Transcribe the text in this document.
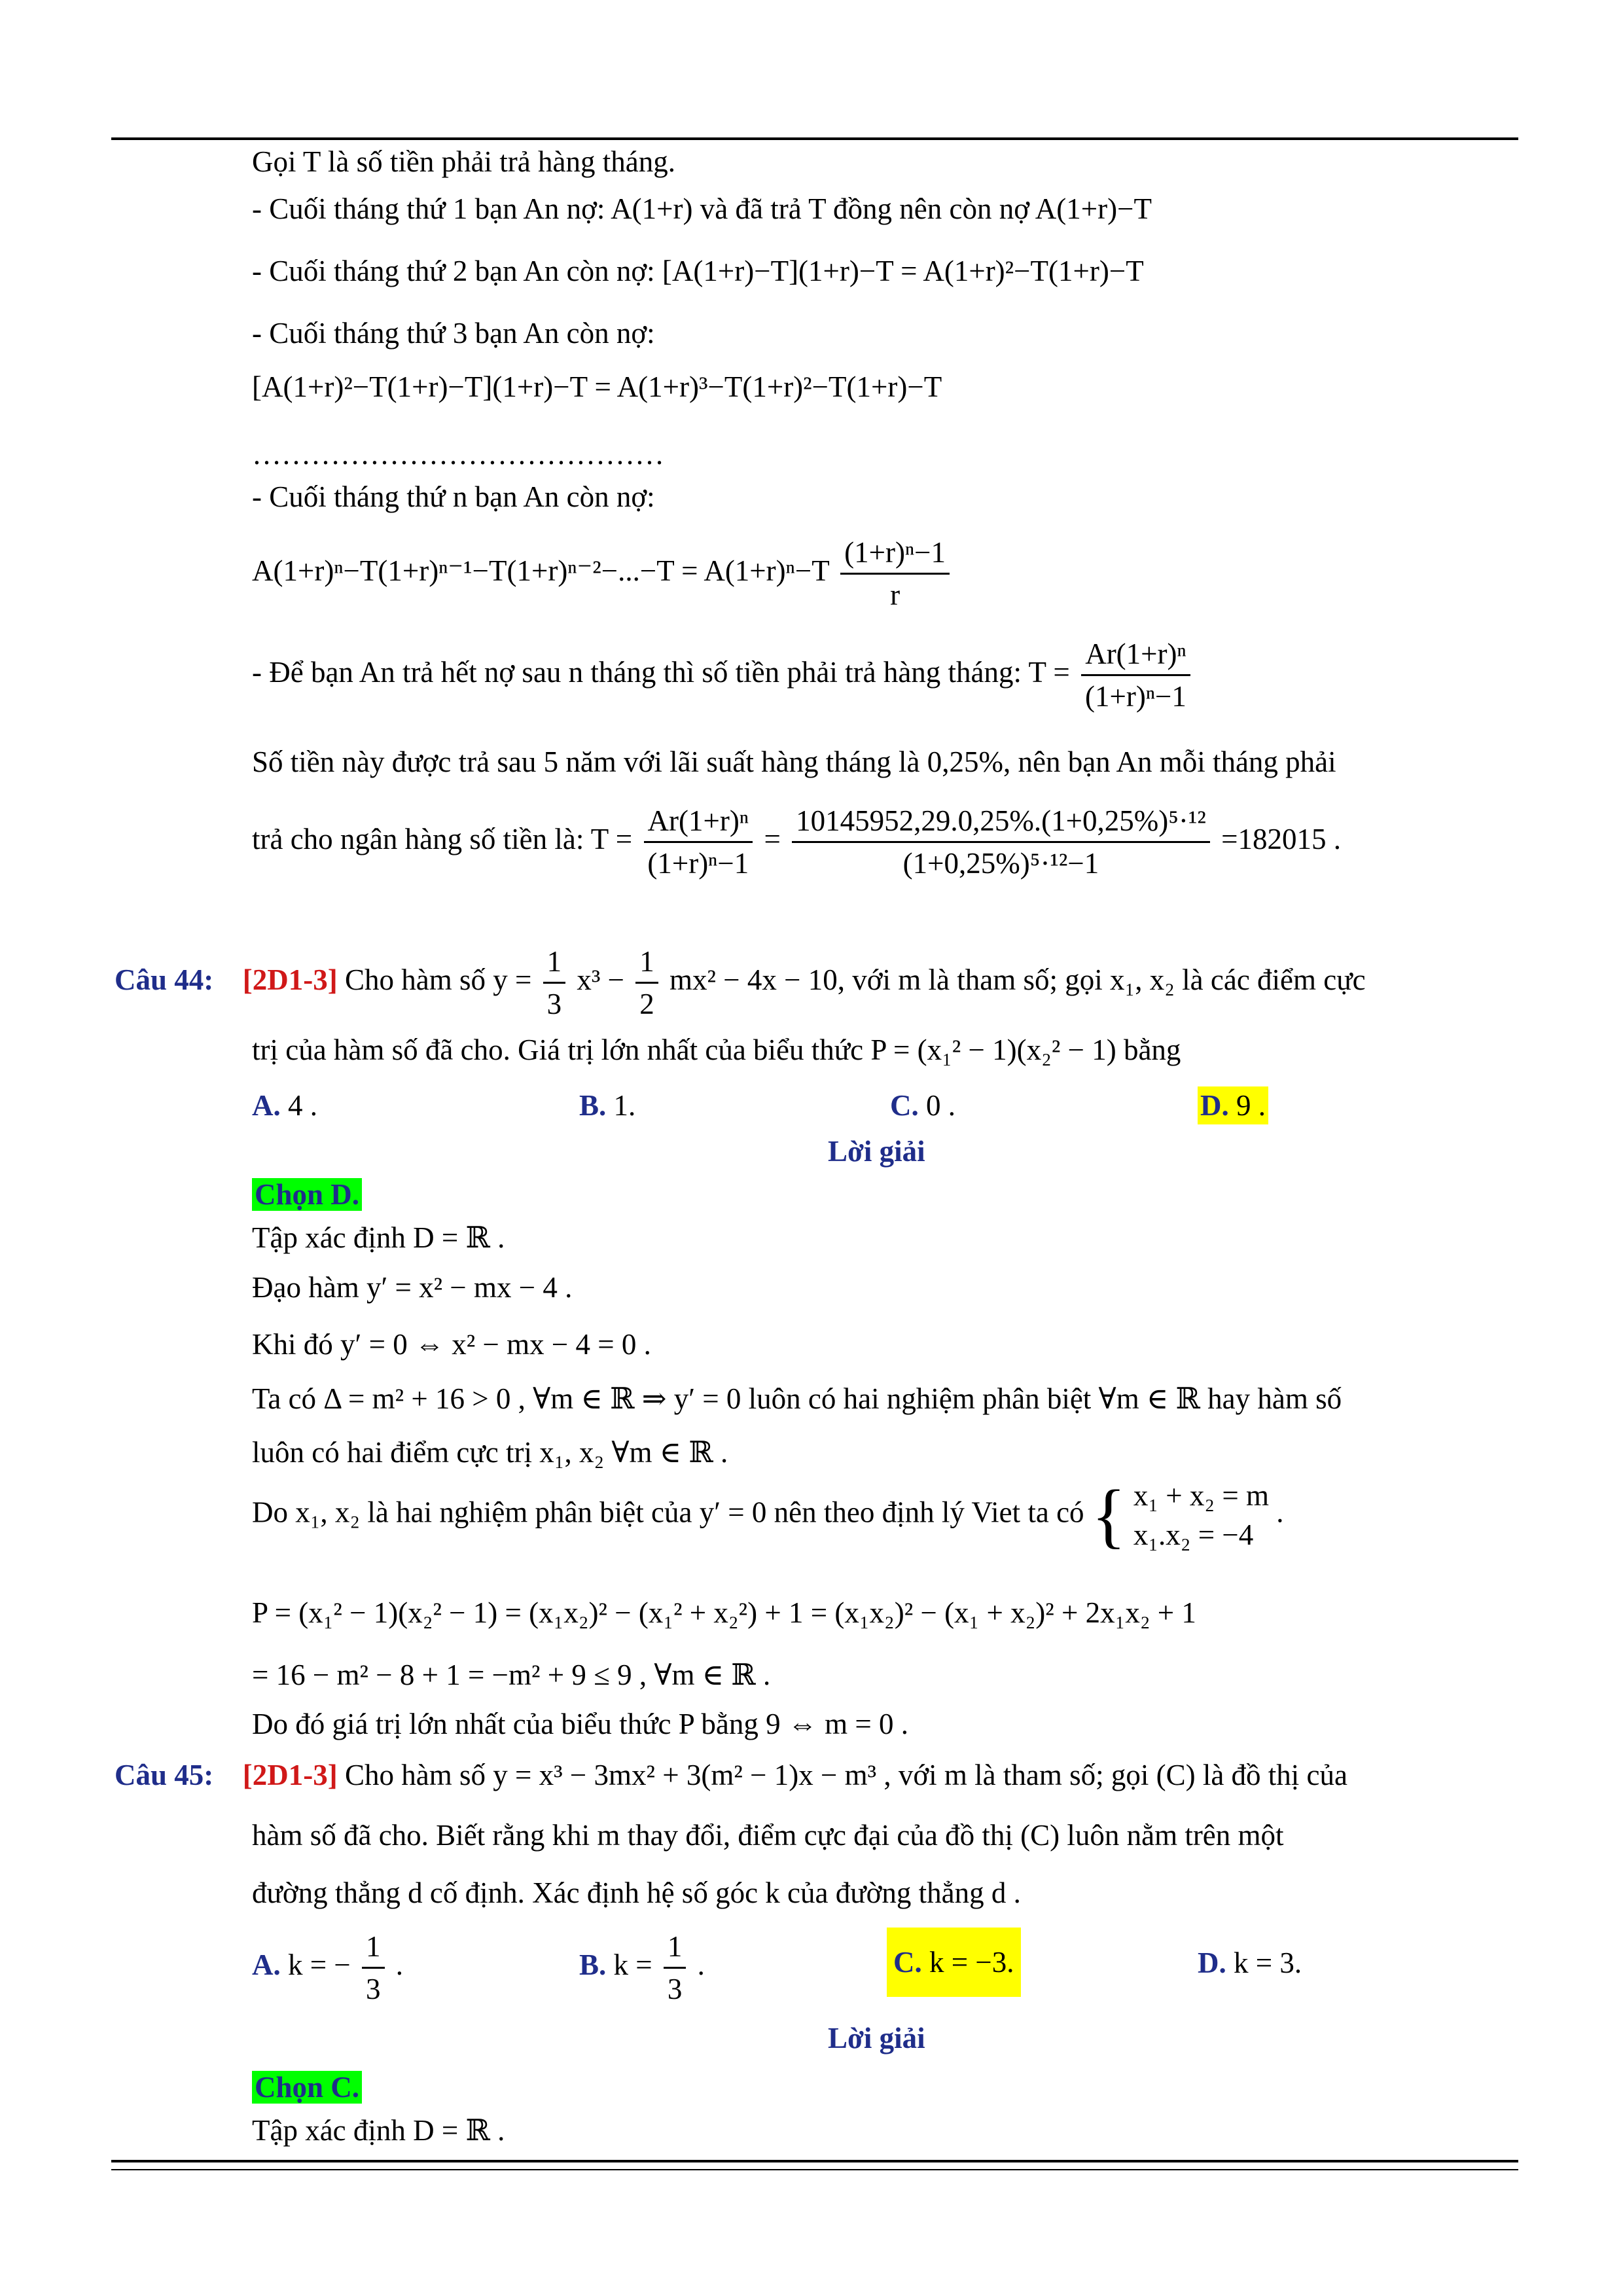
Gọi T là số tiền phải trả hàng tháng.
- Cuối tháng thứ 1 bạn An nợ: A(1+r) và đã trả T đồng nên còn nợ A(1+r)−T
- Cuối tháng thứ 2 bạn An còn nợ: [A(1+r)−T](1+r)−T = A(1+r)²−T(1+r)−T
- Cuối tháng thứ 3 bạn An còn nợ:
[A(1+r)²−T(1+r)−T](1+r)−T = A(1+r)³−T(1+r)²−T(1+r)−T
……………………………………
- Cuối tháng thứ n bạn An còn nợ:
$A(1+r)^n-T(1+r)^{n-1}-T(1+r)^{n-2}-...-T = A(1+r)^n-T \frac{\text{(1+r)ⁿ−1}}{r}$
- Để bạn An trả hết nợ sau n tháng thì số tiền phải trả hàng tháng: $T = \frac{\text{Ar(1+r)ⁿ}}{\text{(1+r)ⁿ−1}}$
Số tiền này được trả sau 5 năm với lãi suất hàng tháng là 0,25%, nên bạn An mỗi tháng phải
trả cho ngân hàng số tiền là: $T = \frac{\text{Ar(1+r)ⁿ}}{\text{(1+r)ⁿ−1}} = \frac{\text{10145952,29.0,25\%.(1+0,25\%)⁵·¹²}}{\text{(1+0,25\%)⁵·¹²−1}} =182015$ .
Câu 44: [2D1-3] Cho hàm số $y = \frac{1}{3} x^3 - \frac{1}{2} mx^2 - 4x - 10$, với m là tham số; gọi x₁, x₂ là các điểm cực
trị của hàm số đã cho. Giá trị lớn nhất của biểu thức P = (x₁² − 1)(x₂² − 1) bằng
A. 4 .	B. 1.	C. 0 .	D. 9 .
Lời giải
Chọn D.
Tập xác định D = ℝ .
Đạo hàm y′ = x² − mx − 4 .
Khi đó y′ = 0 ⇔ x² − mx − 4 = 0 .
Ta có Δ = m² + 16 > 0 , ∀m ∈ ℝ ⇒ y′ = 0 luôn có hai nghiệm phân biệt ∀m ∈ ℝ hay hàm số
luôn có hai điểm cực trị x₁, x₂ ∀m ∈ ℝ .
Do x₁, x₂ là hai nghiệm phân biệt của y′ = 0 nên theo định lý Viet ta có { x₁ + x₂ = m
x₁.x₂ = −4
.
P = (x₁² − 1)(x₂² − 1) = (x₁x₂)² − (x₁² + x₂²) + 1 = (x₁x₂)² − (x₁ + x₂)² + 2x₁x₂ + 1
= 16 − m² − 8 + 1 = −m² + 9 ≤ 9 , ∀m ∈ ℝ .
Do đó giá trị lớn nhất của biểu thức P bằng 9 ⇔ m = 0 .
Câu 45: [2D1-3] Cho hàm số y = x³ − 3mx² + 3(m² − 1)x − m³ , với m là tham số; gọi (C) là đồ thị của
hàm số đã cho. Biết rằng khi m thay đổi, điểm cực đại của đồ thị (C) luôn nằm trên một
đường thẳng d cố định. Xác định hệ số góc k của đường thẳng d .
A. k = − $\frac{1}{3}$ .	B. $k = \frac{1}{3}$ .	C. k = −3.	D. k = 3.
Lời giải
Chọn C.
Tập xác định D = ℝ .
